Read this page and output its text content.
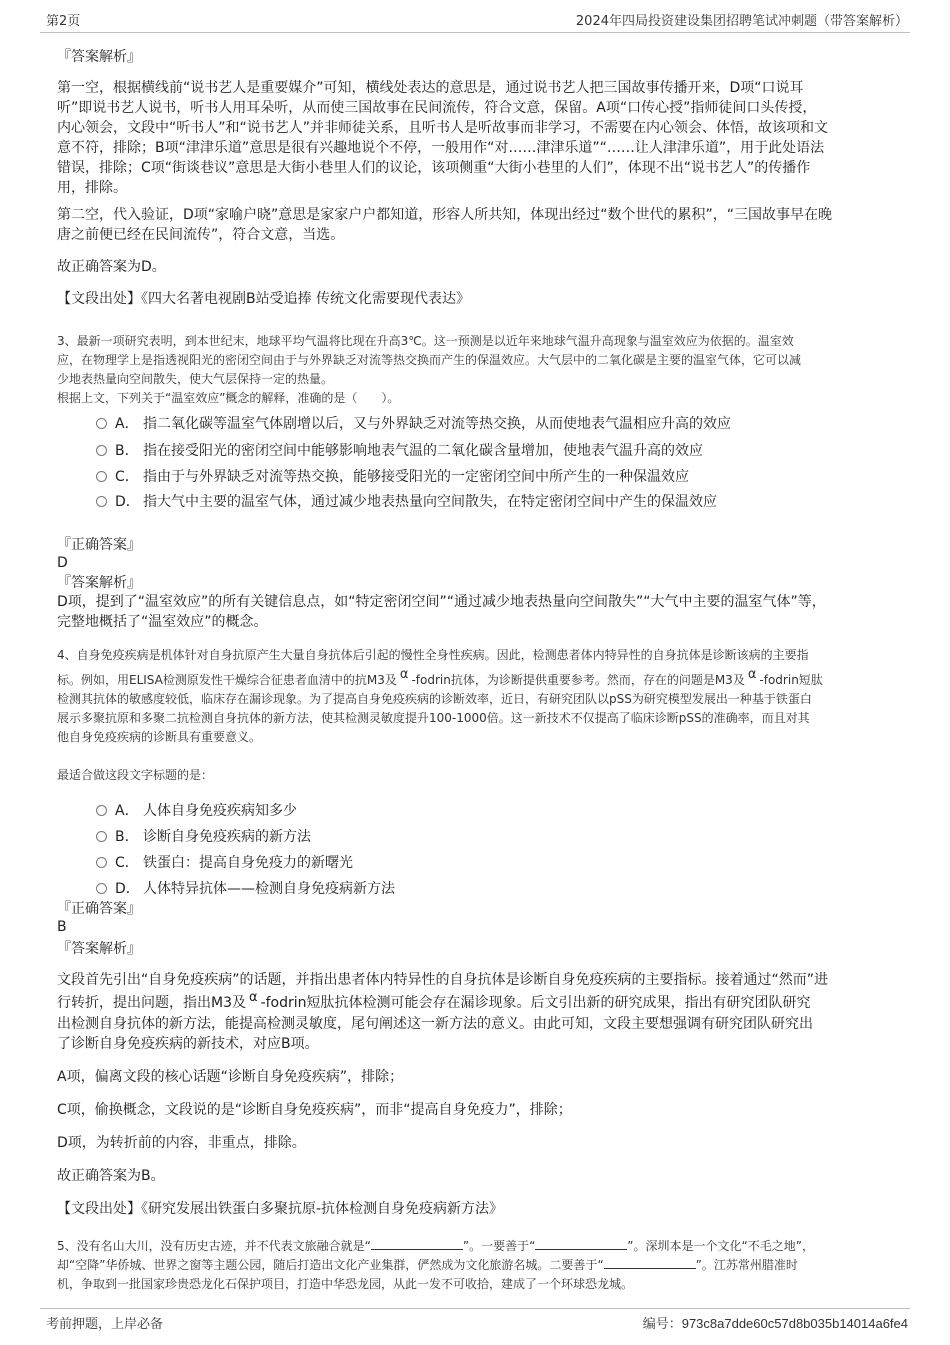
第2页	2024年四局投资建设集团招聘笔试冲刺题（带答案解析）
『答案解析』
第一空，根据横线前“说书艺人是重要媒介”可知，横线处表达的意思是，通过说书艺人把三国故事传播开来，D项“口说耳
听”即说书艺人说书，听书人用耳朵听，从而使三国故事在民间流传，符合文意，保留。A项“口传心授”指师徒间口头传授，
内心领会，文段中“听书人”和“说书艺人”并非师徒关系，且听书人是听故事而非学习，不需要在内心领会、体悟，故该项和文
意不符，排除；B项“津津乐道”意思是很有兴趣地说个不停，一般用作“对……津津乐道”“……让人津津乐道”，用于此处语法
错误，排除；C项“街谈巷议”意思是大街小巷里人们的议论，该项侧重“大街小巷里的人们”，体现不出“说书艺人”的传播作
用，排除。
第二空，代入验证，D项“家喻户晓”意思是家家户户都知道，形容人所共知，体现出经过“数个世代的累积”，“三国故事早在晚
唐之前便已经在民间流传”，符合文意，当选。
故正确答案为D。
【文段出处】《四大名著电视剧B站受追捧 传统文化需要现代表达》
3、最新一项研究表明，到本世纪末，地球平均气温将比现在升高3℃。这一预测是以近年来地球气温升高现象与温室效应为依据的。温室效
应，在物理学上是指透视阳光的密闭空间由于与外界缺乏对流等热交换而产生的保温效应。大气层中的二氧化碳是主要的温室气体，它可以减
少地表热量向空间散失，使大气层保持一定的热量。
根据上文，下列关于“温室效应”概念的解释，准确的是（　　）。
A． 指二氧化碳等温室气体剧增以后，又与外界缺乏对流等热交换，从而使地表气温相应升高的效应
B． 指在接受阳光的密闭空间中能够影响地表气温的二氧化碳含量增加，使地表气温升高的效应
C． 指由于与外界缺乏对流等热交换，能够接受阳光的一定密闭空间中所产生的一种保温效应
D． 指大气中主要的温室气体，通过减少地表热量向空间散失，在特定密闭空间中产生的保温效应
『正确答案』
D
『答案解析』
D项，提到了“温室效应”的所有关键信息点，如“特定密闭空间”“通过减少地表热量向空间散失”“大气中主要的温室气体”等，
完整地概括了“温室效应”的概念。
4、自身免疫疾病是机体针对自身抗原产生大量自身抗体后引起的慢性全身性疾病。因此，检测患者体内特异性的自身抗体是诊断该病的主要指
标。例如，用ELISA检测原发性干燥综合征患者血清中的抗M3及 α -fodrin抗体，为诊断提供重要参考。然而，存在的问题是M3及 α -fodrin短肽
检测其抗体的敏感度较低，临床存在漏诊现象。为了提高自身免疫疾病的诊断效率，近日，有研究团队以pSS为研究模型发展出一种基于铁蛋白
展示多聚抗原和多聚二抗检测自身抗体的新方法，使其检测灵敏度提升100-1000倍。这一新技术不仅提高了临床诊断pSS的准确率，而且对其
他自身免疫疾病的诊断具有重要意义。
最适合做这段文字标题的是：
A． 人体自身免疫疾病知多少
B． 诊断自身免疫疾病的新方法
C． 铁蛋白：提高自身免疫力的新曙光
D． 人体特异抗体——检测自身免疫病新方法
『正确答案』
B
『答案解析』
文段首先引出“自身免疫疾病”的话题，并指出患者体内特异性的自身抗体是诊断自身免疫疾病的主要指标。接着通过“然而”进
行转折，提出问题，指出M3及 α -fodrin短肽抗体检测可能会存在漏诊现象。后文引出新的研究成果，指出有研究团队研究
出检测自身抗体的新方法，能提高检测灵敏度，尾句阐述这一新方法的意义。由此可知，文段主要想强调有研究团队研究出
了诊断自身免疫疾病的新技术，对应B项。
A项，偏离文段的核心话题“诊断自身免疫疾病”，排除；
C项，偷换概念，文段说的是“诊断自身免疫疾病”，而非“提高自身免疫力”，排除；
D项，为转折前的内容，非重点，排除。
故正确答案为B。
【文段出处】《研究发展出铁蛋白多聚抗原-抗体检测自身免疫病新方法》
5、没有名山大川，没有历史古迹，并不代表文旅融合就是“	”。一要善于“	”。深圳本是一个文化“不毛之地”，
却“空降”华侨城、世界之窗等主题公园，随后打造出文化产业集群，俨然成为文化旅游名城。二要善于“	”。江苏常州腊准时
机，争取到一批国家珍贵恐龙化石保护项目，打造中华恐龙园，从此一发不可收拾，建成了一个环球恐龙城。
考前押题，上岸必备	编号：973c8a7dde60c57d8b035b14014a6fe4
